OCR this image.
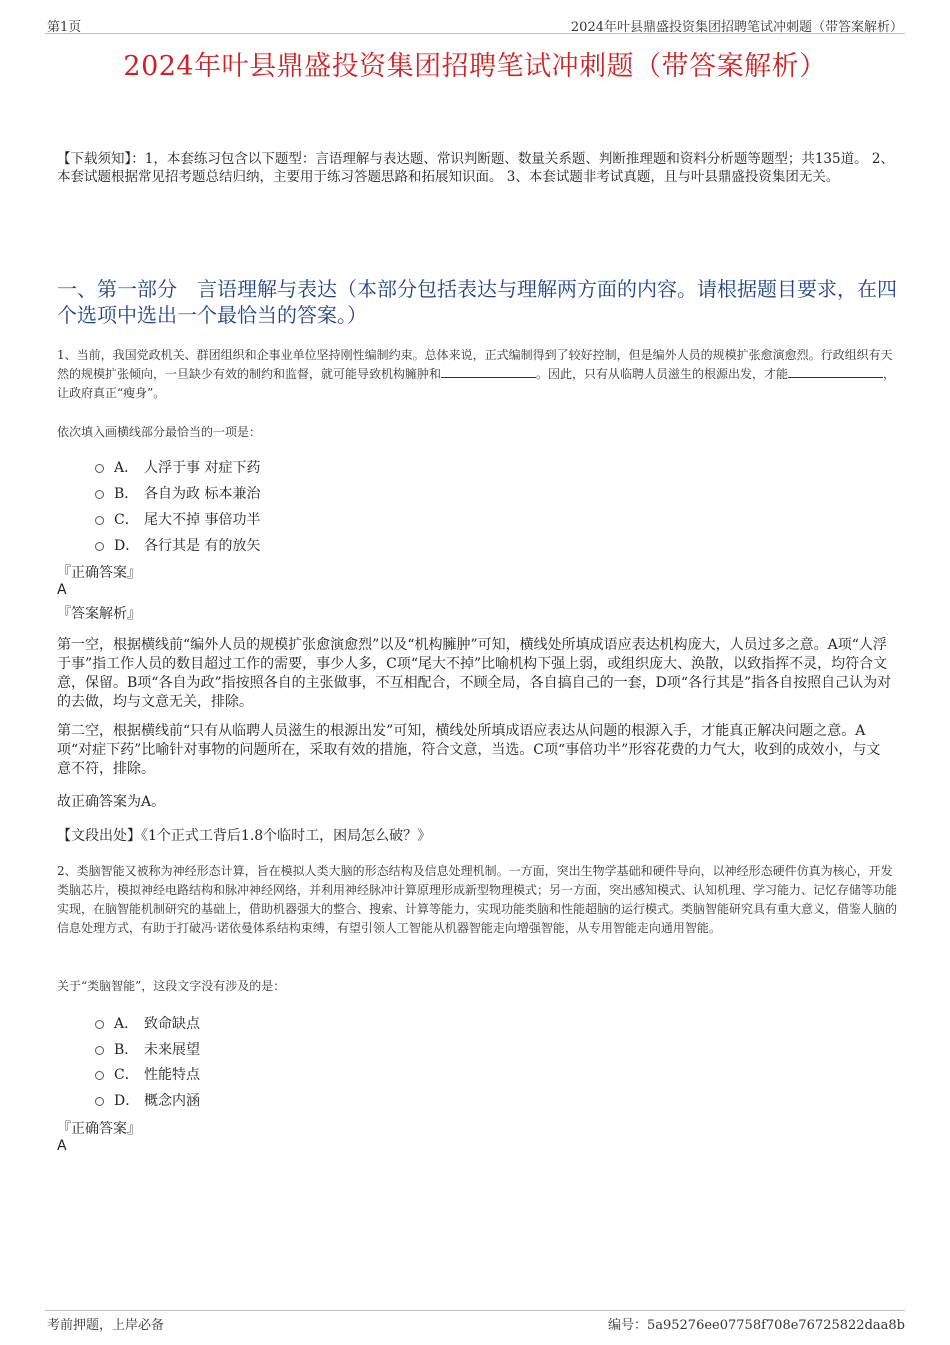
第1页	2024年叶县鼎盛投资集团招聘笔试冲刺题（带答案解析）
2024年叶县鼎盛投资集团招聘笔试冲刺题（带答案解析）
【下载须知】：1，本套练习包含以下题型：言语理解与表达题、常识判断题、数量关系题、判断推理题和资料分析题等题型；共135道。 2、本套试题根据常见招考题总结归纳，主要用于练习答题思路和拓展知识面。 3、本套试题非考试真题，且与叶县鼎盛投资集团无关。
一、第一部分　言语理解与表达（本部分包括表达与理解两方面的内容。请根据题目要求，在四个选项中选出一个最恰当的答案。）
1、当前，我国党政机关、群团组织和企事业单位坚持刚性编制约束。总体来说，正式编制得到了较好控制，但是编外人员的规模扩张愈演愈烈。行政组织有天然的规模扩张倾向，一旦缺少有效的制约和监督，就可能导致机构臃肿和	。因此，只有从临聘人员滋生的根源出发，才能	，让政府真正“瘦身”。
依次填入画横线部分最恰当的一项是：
A． 人浮于事 对症下药
B． 各自为政 标本兼治
C． 尾大不掉 事倍功半
D． 各行其是 有的放矢
『正确答案』
A
『答案解析』
第一空，根据横线前“编外人员的规模扩张愈演愈烈”以及“机构臃肿”可知，横线处所填成语应表达机构庞大，人员过多之意。A项“人浮于事”指工作人员的数目超过工作的需要，事少人多，C项“尾大不掉”比喻机构下强上弱，或组织庞大、涣散，以致指挥不灵，均符合文意，保留。B项“各自为政”指按照各自的主张做事，不互相配合，不顾全局，各自搞自己的一套，D项“各行其是”指各自按照自己认为对的去做，均与文意无关，排除。
第二空，根据横线前“只有从临聘人员滋生的根源出发”可知，横线处所填成语应表达从问题的根源入手，才能真正解决问题之意。A项“对症下药”比喻针对事物的问题所在，采取有效的措施，符合文意，当选。C项“事倍功半”形容花费的力气大，收到的成效小，与文意不符，排除。
故正确答案为A。
【文段出处】《1个正式工背后1.8个临时工，困局怎么破？》
2、类脑智能又被称为神经形态计算，旨在模拟人类大脑的形态结构及信息处理机制。一方面，突出生物学基础和硬件导向，以神经形态硬件仿真为核心，开发类脑芯片，模拟神经电路结构和脉冲神经网络，并利用神经脉冲计算原理形成新型物理模式；另一方面，突出感知模式、认知机理、学习能力、记忆存储等功能实现，在脑智能机制研究的基础上，借助机器强大的整合、搜索、计算等能力，实现功能类脑和性能超脑的运行模式。类脑智能研究具有重大意义，借鉴人脑的信息处理方式，有助于打破冯·诺依曼体系结构束缚，有望引领人工智能从机器智能走向增强智能，从专用智能走向通用智能。
关于“类脑智能”，这段文字没有涉及的是：
A． 致命缺点
B． 未来展望
C． 性能特点
D． 概念内涵
『正确答案』
A
考前押题，上岸必备	编号：5a95276ee07758f708e76725822daa8b
